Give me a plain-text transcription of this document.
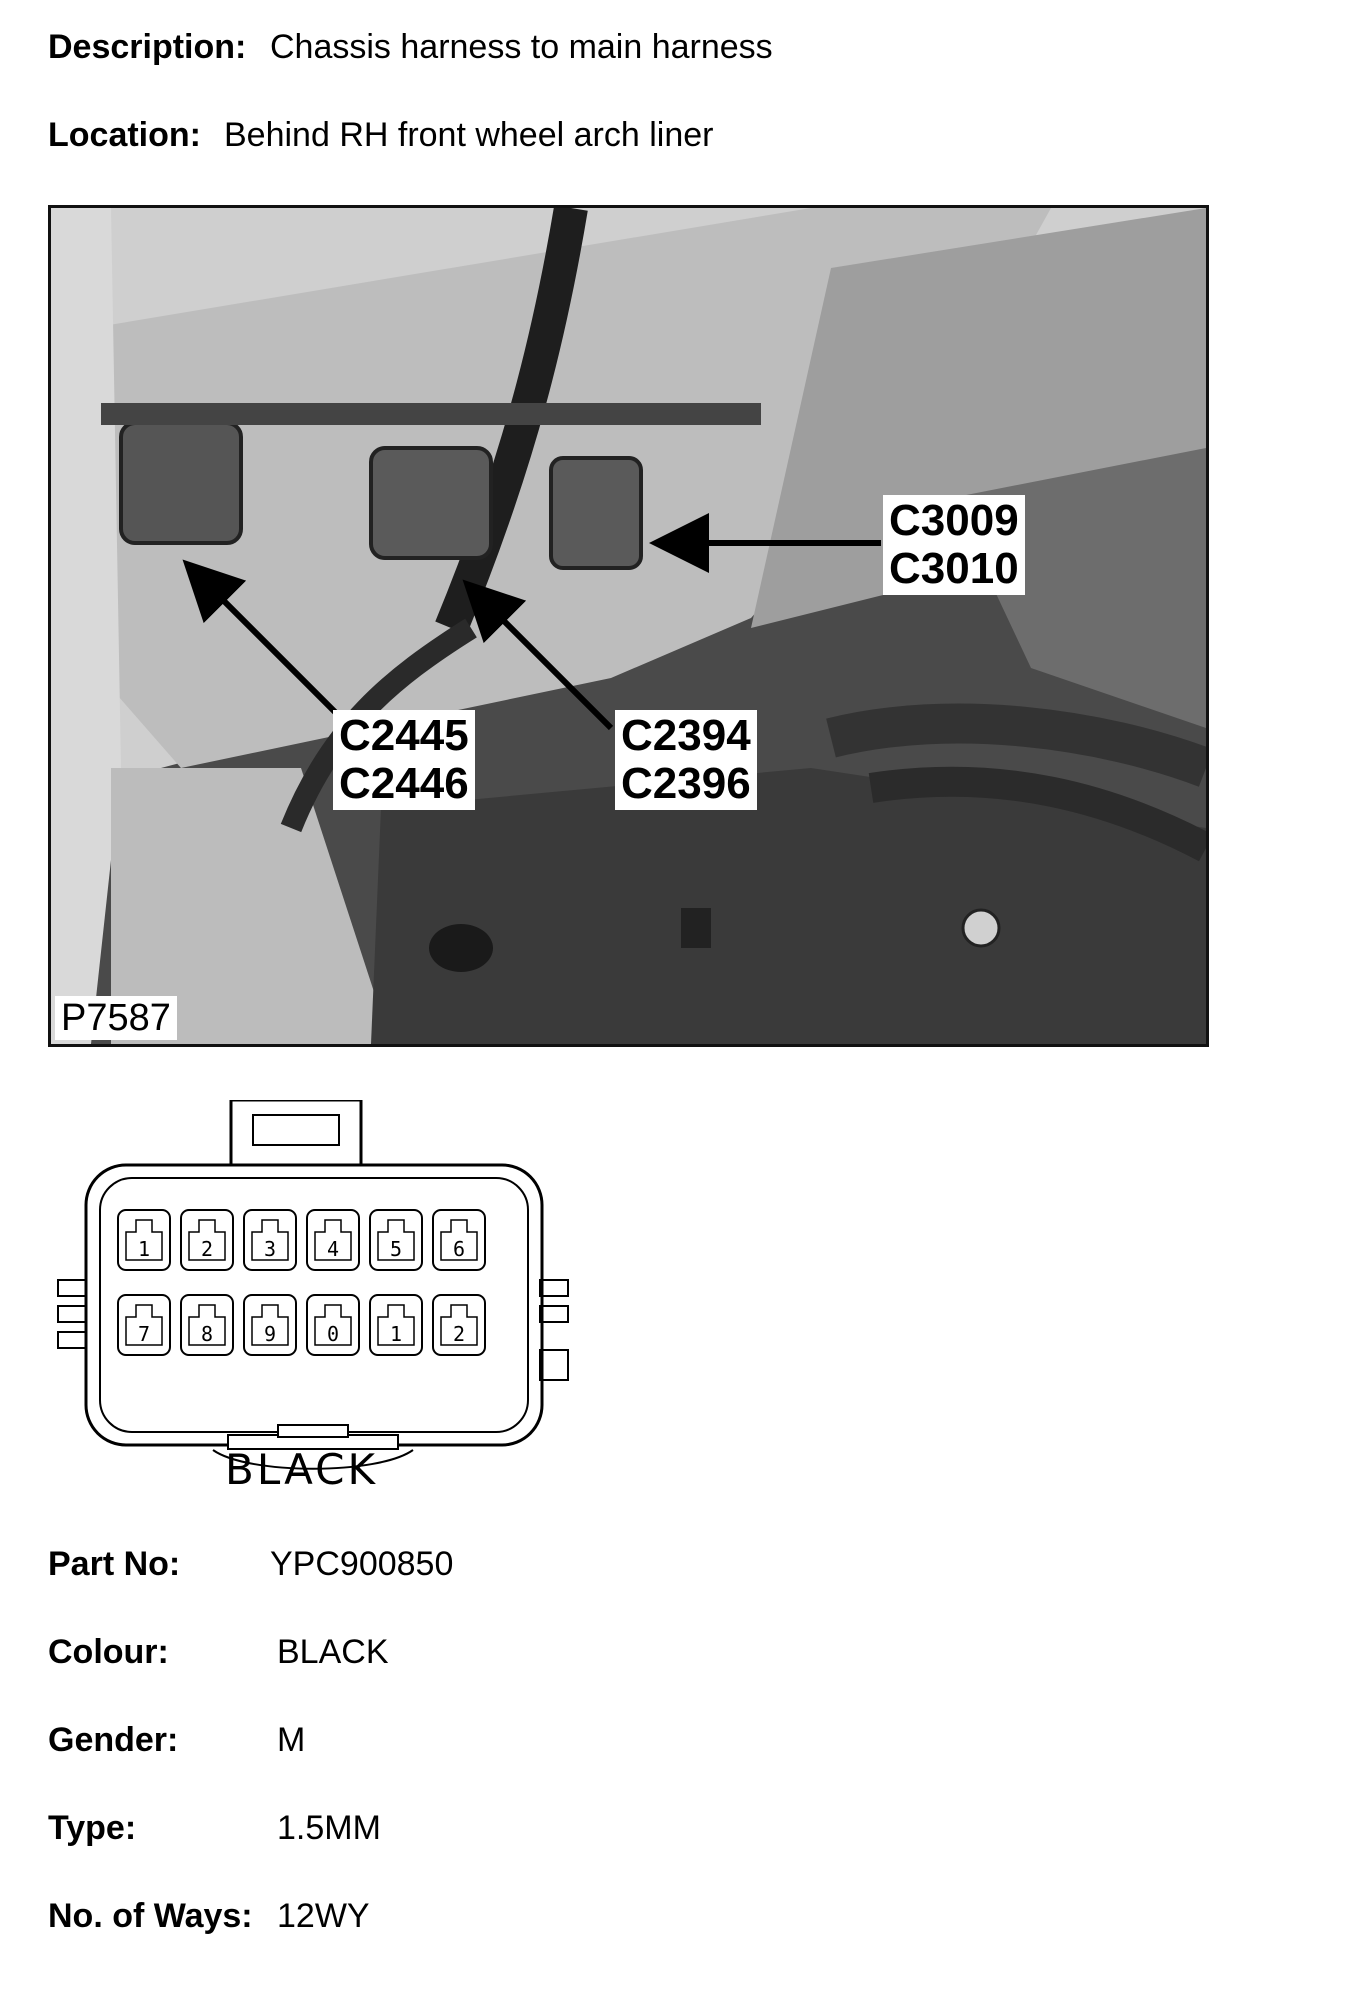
Description: Chassis harness to main harness
Location: Behind RH front wheel arch liner
C3009
C3010
C2445
C2446
C2394
C2396
P7587
1	2	3	4	5	6
7	8	9	0	1	2
BLACK
Part No:	YPC900850
Colour:	BLACK
Gender:	M
Type:	1.5MM
No. of Ways: 12WY
